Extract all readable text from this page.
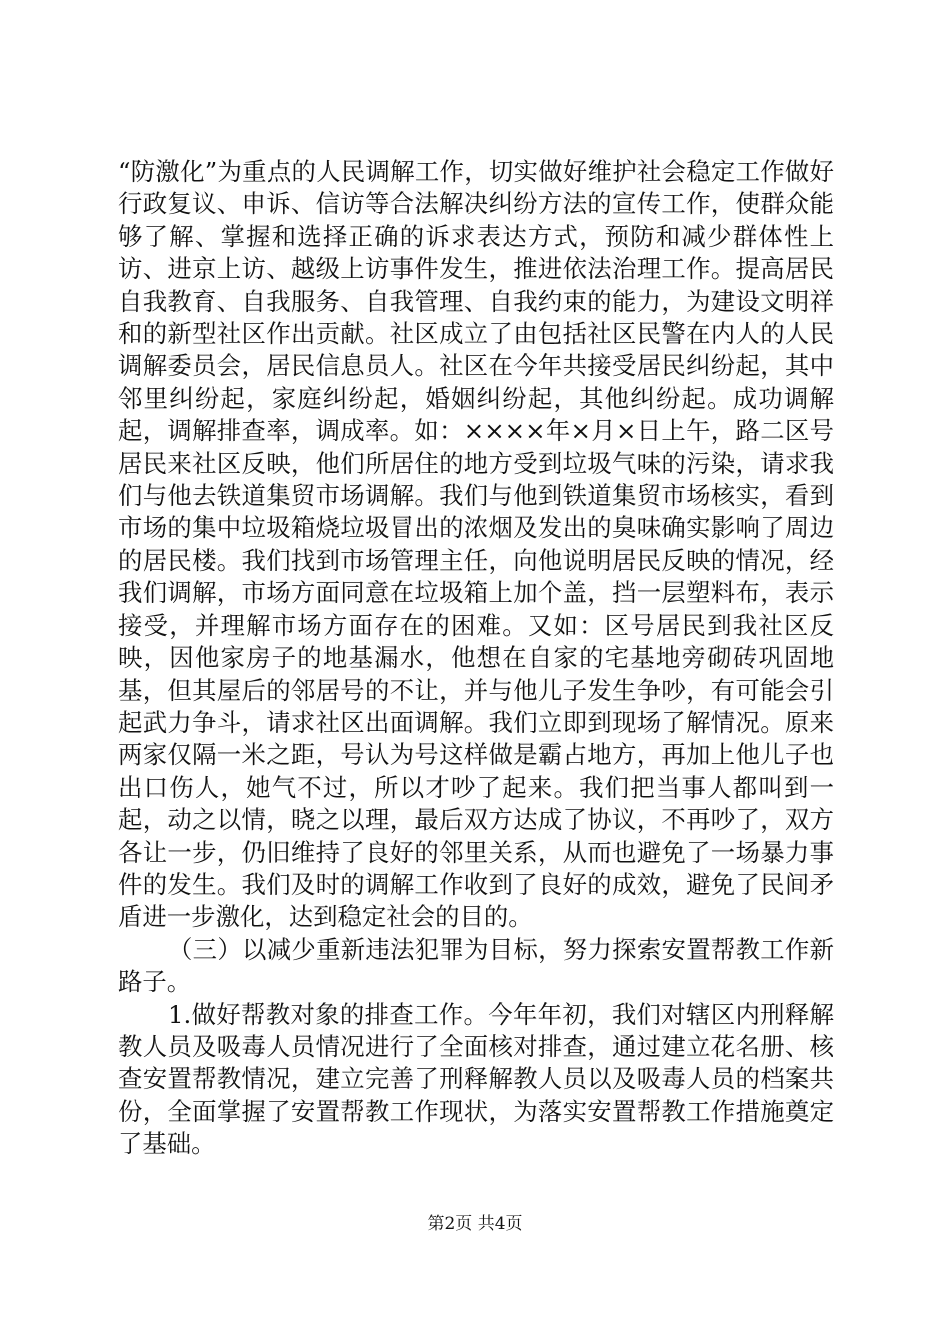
“防激化”为重点的人民调解工作，切实做好维护社会稳定工作做好行政复议、申诉、信访等合法解决纠纷方法的宣传工作，使群众能够了解、掌握和选择正确的诉求表达方式，预防和减少群体性上访、进京上访、越级上访事件发生，推进依法治理工作。提高居民自我教育、自我服务、自我管理、自我约束的能力，为建设文明祥和的新型社区作出贡献。社区成立了由包括社区民警在内人的人民调解委员会，居民信息员人。社区在今年共接受居民纠纷起，其中邻里纠纷起，家庭纠纷起，婚姻纠纷起，其他纠纷起。成功调解起，调解排查率，调成率。如：××××年×月×日上午，路二区号居民来社区反映，他们所居住的地方受到垃圾气味的污染，请求我们与他去铁道集贸市场调解。我们与他到铁道集贸市场核实，看到市场的集中垃圾箱烧垃圾冒出的浓烟及发出的臭味确实影响了周边的居民楼。我们找到市场管理主任，向他说明居民反映的情况，经我们调解，市场方面同意在垃圾箱上加个盖，挡一层塑料布，表示接受，并理解市场方面存在的困难。又如：区号居民到我社区反映，因他家房子的地基漏水，他想在自家的宅基地旁砌砖巩固地基，但其屋后的邻居号的不让，并与他儿子发生争吵，有可能会引起武力争斗，请求社区出面调解。我们立即到现场了解情况。原来两家仅隔一米之距，号认为号这样做是霸占地方，再加上他儿子也出口伤人，她气不过，所以才吵了起来。我们把当事人都叫到一起，动之以情，晓之以理，最后双方达成了协议，不再吵了，双方各让一步，仍旧维持了良好的邻里关系，从而也避免了一场暴力事件的发生。我们及时的调解工作收到了良好的成效，避免了民间矛盾进一步激化，达到稳定社会的目的。

（三）以减少重新违法犯罪为目标，努力探索安置帮教工作新路子。

1.做好帮教对象的排查工作。今年年初，我们对辖区内刑释解教人员及吸毒人员情况进行了全面核对排查，通过建立花名册、核查安置帮教情况，建立完善了刑释解教人员以及吸毒人员的档案共份，全面掌握了安置帮教工作现状，为落实安置帮教工作措施奠定了基础。

第2页 共4页
